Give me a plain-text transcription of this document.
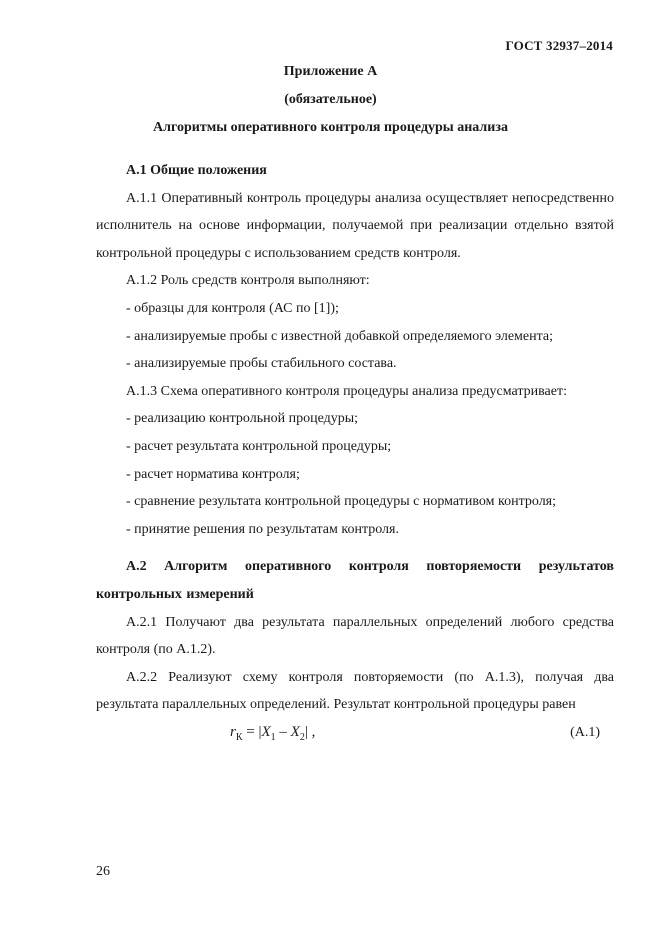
ГОСТ 32937–2014
Приложение А
(обязательное)
Алгоритмы оперативного контроля процедуры анализа
А.1 Общие положения

А.1.1 Оперативный контроль процедуры анализа осуществляет непосредственно исполнитель на основе информации, получаемой при реализации отдельно взятой контрольной процедуры с использованием средств контроля.

А.1.2 Роль средств контроля выполняют:

- образцы для контроля (АС по [1]);

- анализируемые пробы с известной добавкой определяемого элемента;

- анализируемые пробы стабильного состава.

А.1.3 Схема оперативного контроля процедуры анализа предусматривает:

- реализацию контрольной процедуры;

- расчет результата контрольной процедуры;

- расчет норматива контроля;

- сравнение результата контрольной процедуры с нормативом контроля;

- принятие решения по результатам контроля.

А.2 Алгоритм оперативного контроля повторяемости результатов контрольных измерений

А.2.1 Получают два результата параллельных определений любого средства контроля (по А.1.2).

А.2.2 Реализуют схему контроля повторяемости (по А.1.3), получая два результата параллельных определений. Результат контрольной процедуры равен

$r_К = |X_1 - X_2|$ ,	(А.1)
26
